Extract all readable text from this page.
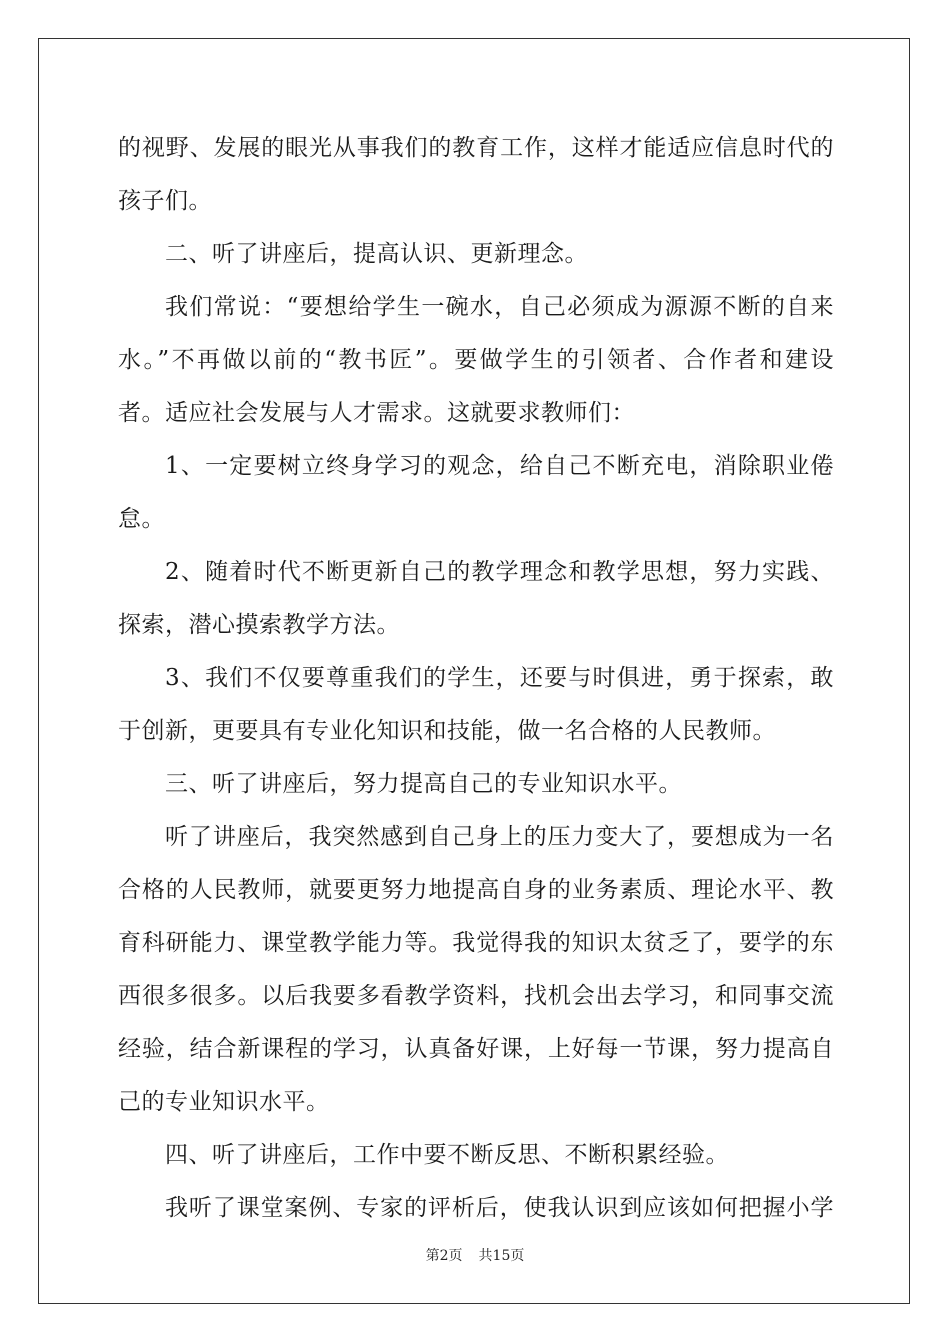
的视野、发展的眼光从事我们的教育工作，这样才能适应信息时代的
孩子们。
二、听了讲座后，提高认识、更新理念。
我们常说：“要想给学生一碗水，自己必须成为源源不断的自来
水。”不再做以前的“教书匠”。要做学生的引领者、合作者和建设
者。适应社会发展与人才需求。这就要求教师们：
1、一定要树立终身学习的观念，给自己不断充电，消除职业倦
怠。
2、随着时代不断更新自己的教学理念和教学思想，努力实践、
探索，潜心摸索教学方法。
3、我们不仅要尊重我们的学生，还要与时俱进，勇于探索，敢
于创新，更要具有专业化知识和技能，做一名合格的人民教师。
三、听了讲座后，努力提高自己的专业知识水平。
听了讲座后，我突然感到自己身上的压力变大了，要想成为一名
合格的人民教师，就要更努力地提高自身的业务素质、理论水平、教
育科研能力、课堂教学能力等。我觉得我的知识太贫乏了，要学的东
西很多很多。以后我要多看教学资料，找机会出去学习，和同事交流
经验，结合新课程的学习，认真备好课，上好每一节课，努力提高自
己的专业知识水平。
四、听了讲座后，工作中要不断反思、不断积累经验。
我听了课堂案例、专家的评析后，使我认识到应该如何把握小学
第2页 共15页
